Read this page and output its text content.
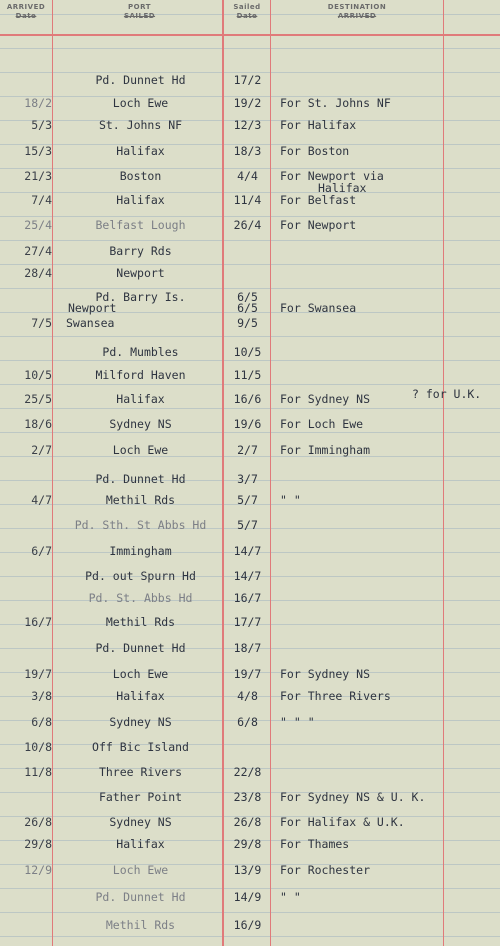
ARRIVED
Date
PORT
SAILED
Sailed
Date
DESTINATION
ARRIVED
Pd. Dunnet Hd	17/2
18/2	Loch Ewe	19/2	For St. Johns NF
5/3	St. Johns NF	12/3	For Halifax
15/3	Halifax	18/3	For Boston
21/3	Boston	4/4	For Newport via
Halifax
7/4	Halifax	11/4	For Belfast
25/4	Belfast Lough	26/4	For Newport
27/4	Barry Rds
28/4	Newport
Pd. Barry Is.	6/5
Newport	6/5	For Swansea
7/5 Swansea	9/5
Pd. Mumbles	10/5
10/5	Milford Haven	11/5
25/5	Halifax	16/6	For Sydney NS
18/6	Sydney NS	19/6	For Loch Ewe
2/7	Loch Ewe	2/7	For Immingham
Pd. Dunnet Hd	3/7
4/7	Methil Rds	5/7	" "
Pd. Sth. St Abbs Hd	5/7
6/7	Immingham	14/7
Pd. out Spurn Hd	14/7
Pd. St. Abbs Hd	16/7
16/7	Methil Rds	17/7
Pd. Dunnet Hd	18/7
19/7	Loch Ewe	19/7	For Sydney NS
3/8	Halifax	4/8	For Three Rivers
6/8	Sydney NS	6/8	" " "
10/8	Off Bic Island
11/8	Three Rivers	22/8
Father Point	23/8	For Sydney NS & U. K.
26/8	Sydney NS	26/8	For Halifax & U.K.
29/8	Halifax	29/8	For Thames
12/9	Loch Ewe	13/9	For Rochester
Pd. Dunnet Hd	14/9	" "
Methil Rds	16/9
? for U.K.
